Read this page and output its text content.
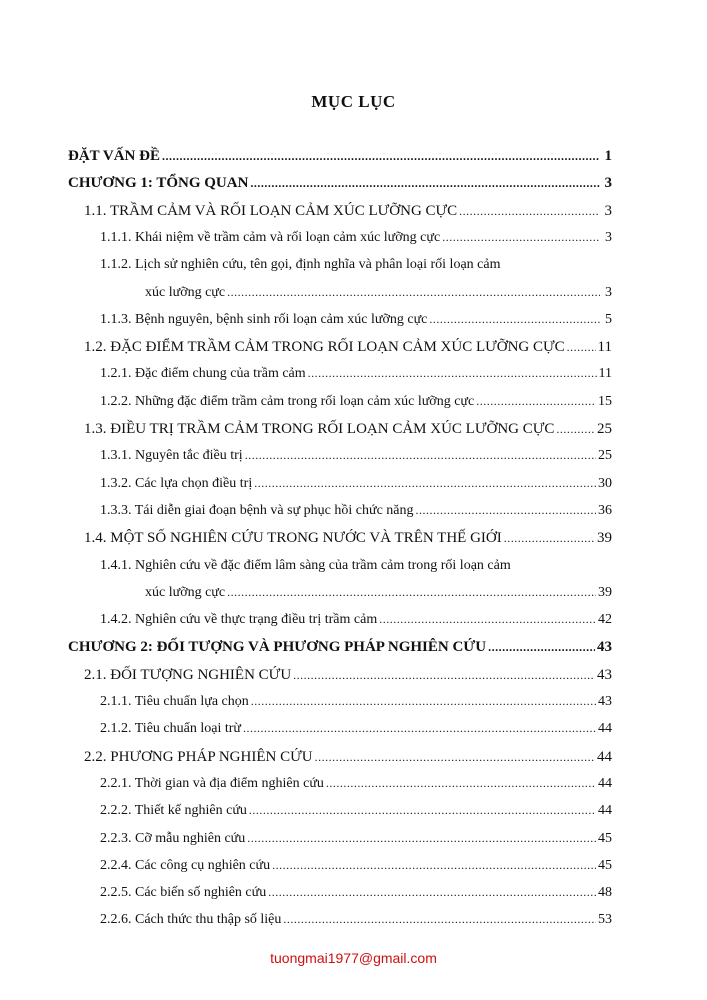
MỤC LỤC
ĐẶT VẤN ĐỀ .....	1
CHƯƠNG 1: TỔNG QUAN .....	3
1.1. TRẦM CẢM VÀ RỐI LOẠN CẢM XÚC LƯỠNG CỰC .....	3
1.1.1. Khái niệm về trầm cảm và rối loạn cảm xúc lưỡng cực .....	3
1.1.2. Lịch sử nghiên cứu, tên gọi, định nghĩa và phân loại rối loạn cảm
xúc lưỡng cực .....	3
1.1.3. Bệnh nguyên, bệnh sinh rối loạn cảm xúc lưỡng cực .....	5
1.2. ĐẶC ĐIỂM TRẦM CẢM TRONG RỐI LOẠN CẢM XÚC LƯỠNG CỰC ..... 11
1.2.1. Đặc điểm chung của trầm cảm .....	11
1.2.2. Những đặc điểm trầm cảm trong rối loạn cảm xúc lưỡng cực .....	15
1.3. ĐIỀU TRỊ TRẦM CẢM TRONG RỐI LOẠN CẢM XÚC LƯỠNG CỰC .....	25
1.3.1. Nguyên tắc điều trị .....	25
1.3.2. Các lựa chọn điều trị .....	30
1.3.3. Tái diễn giai đoạn bệnh và sự phục hồi chức năng .....	36
1.4. MỘT SỐ NGHIÊN CỨU TRONG NƯỚC VÀ TRÊN THẾ GIỚI .....	39
1.4.1. Nghiên cứu về đặc điểm lâm sàng của trầm cảm trong rối loạn cảm
xúc lưỡng cực .....	39
1.4.2. Nghiên cứu về thực trạng điều trị trầm cảm .....	42
CHƯƠNG 2: ĐỐI TƯỢNG VÀ PHƯƠNG PHÁP NGHIÊN CỨU .....	43
2.1. ĐỐI TƯỢNG NGHIÊN CỨU .....	43
2.1.1. Tiêu chuẩn lựa chọn .....	43
2.1.2. Tiêu chuẩn loại trừ .....	44
2.2. PHƯƠNG PHÁP NGHIÊN CỨU .....	44
2.2.1. Thời gian và địa điểm nghiên cứu .....	44
2.2.2. Thiết kế nghiên cứu .....	44
2.2.3. Cỡ mẫu nghiên cứu .....	45
2.2.4. Các công cụ nghiên cứu .....	45
2.2.5. Các biến số nghiên cứu .....	48
2.2.6. Cách thức thu thập số liệu .....	53
tuongmai1977@gmail.com
